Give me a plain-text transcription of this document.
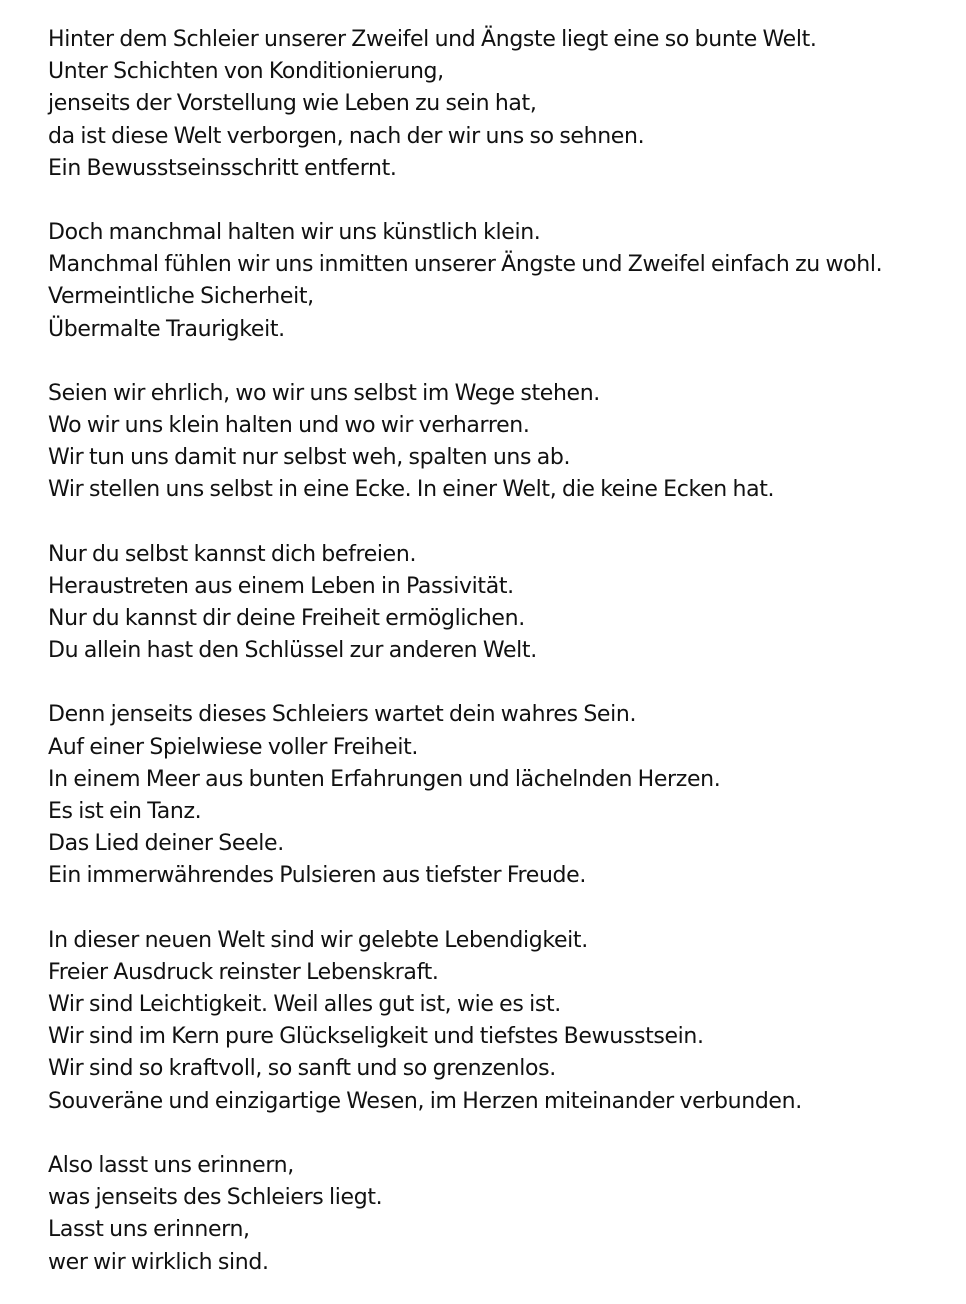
Hinter dem Schleier unserer Zweifel und Ängste liegt eine so bunte Welt.
Unter Schichten von Konditionierung,
jenseits der Vorstellung wie Leben zu sein hat,
da ist diese Welt verborgen, nach der wir uns so sehnen.
Ein Bewusstseinsschritt entfernt.
Doch manchmal halten wir uns künstlich klein.
Manchmal fühlen wir uns inmitten unserer Ängste und Zweifel einfach zu wohl.
Vermeintliche Sicherheit,
Übermalte Traurigkeit.
Seien wir ehrlich, wo wir uns selbst im Wege stehen.
Wo wir uns klein halten und wo wir verharren.
Wir tun uns damit nur selbst weh, spalten uns ab.
Wir stellen uns selbst in eine Ecke. In einer Welt, die keine Ecken hat.
Nur du selbst kannst dich befreien.
Heraustreten aus einem Leben in Passivität.
Nur du kannst dir deine Freiheit ermöglichen.
Du allein hast den Schlüssel zur anderen Welt.
Denn jenseits dieses Schleiers wartet dein wahres Sein.
Auf einer Spielwiese voller Freiheit.
In einem Meer aus bunten Erfahrungen und lächelnden Herzen.
Es ist ein Tanz.
Das Lied deiner Seele.
Ein immerwährendes Pulsieren aus tiefster Freude.
In dieser neuen Welt sind wir gelebte Lebendigkeit.
Freier Ausdruck reinster Lebenskraft.
Wir sind Leichtigkeit. Weil alles gut ist, wie es ist.
Wir sind im Kern pure Glückseligkeit und tiefstes Bewusstsein.
Wir sind so kraftvoll, so sanft und so grenzenlos.
Souveräne und einzigartige Wesen, im Herzen miteinander verbunden.
Also lasst uns erinnern,
was jenseits des Schleiers liegt.
Lasst uns erinnern,
wer wir wirklich sind.
